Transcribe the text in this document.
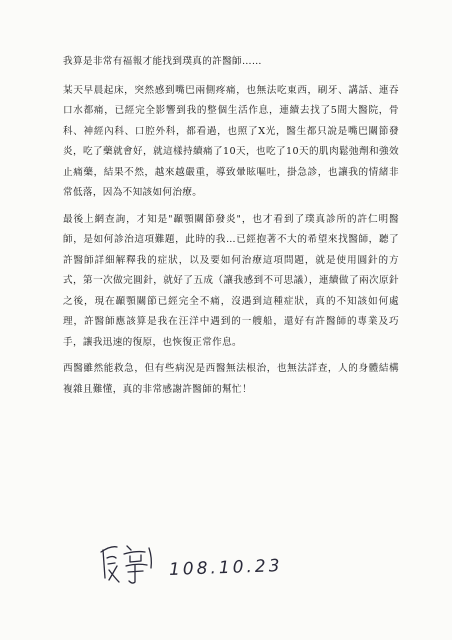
我算是非常有福報才能找到璞真的許醫師……

某天早晨起床，突然感到嘴巴兩側疼痛，也無法吃東西，刷牙、講話、連吞口水都痛，已經完全影響到我的整個生活作息，連續去找了5間大醫院，骨科、神經內科、口腔外科，都看過，也照了X光，醫生都只說是嘴巴關節發炎，吃了藥就會好，就這樣持續痛了10天，也吃了10天的肌肉鬆弛劑和強效止痛藥，結果不然，越來越嚴重，導致暈眩嘔吐，掛急診，也讓我的情緒非常低落，因為不知該如何治療。

最後上網查詢，才知是"顳顎關節發炎"，也才看到了璞真診所的許仁明醫師，是如何診治這項難題，此時的我…已經抱著不大的希望來找醫師，聽了許醫師詳細解釋我的症狀，以及要如何治療這項問題，就是使用圓針的方式，第一次做完圓針，就好了五成（讓我感到不可思議），連續做了兩次原針之後，現在顳顎關節已經完全不痛，沒遇到這種症狀，真的不知該如何處理，許醫師應該算是我在汪洋中遇到的一艘船，還好有許醫師的專業及巧手，讓我迅速的復原，也恢復正常作息。

西醫雖然能救急，但有些病況是西醫無法根治，也無法詳查，人的身體結構複雜且難懂，真的非常感謝許醫師的幫忙！

108.10.23
